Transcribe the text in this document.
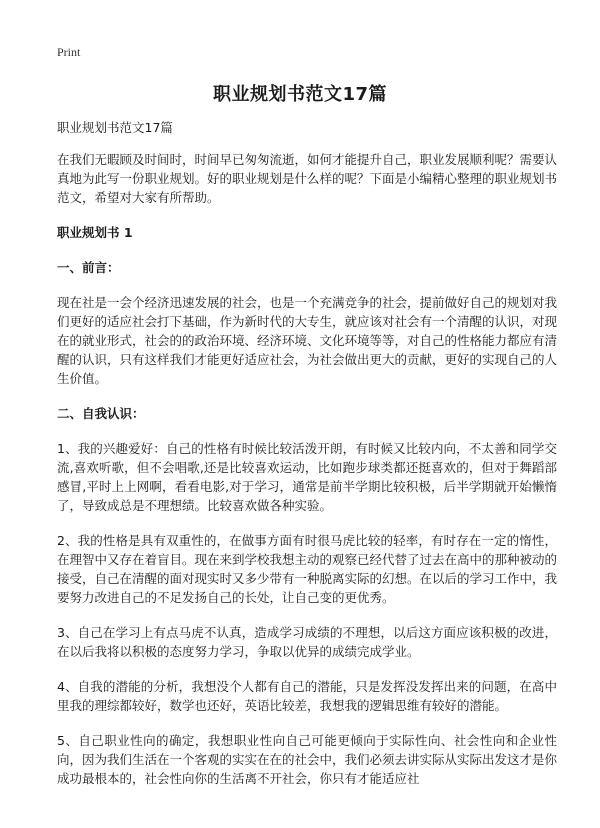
Print
职业规划书范文17篇

职业规划书范文17篇

在我们无暇顾及时间时，时间早已匆匆流逝，如何才能提升自己，职业发展顺利呢？需要认真地为此写一份职业规划。好的职业规划是什么样的呢？下面是小编精心整理的职业规划书范文，希望对大家有所帮助。

职业规划书 1

一、前言：

现在社是一会个经济迅速发展的社会，也是一个充满竞争的社会，提前做好自己的规划对我们更好的适应社会打下基础，作为新时代的大专生，就应该对社会有一个清醒的认识，对现在的就业形式，社会的的政治环境、经济环境、文化环境等等，对自己的性格能力都应有清醒的认识，只有这样我们才能更好适应社会，为社会做出更大的贡献，更好的实现自己的人生价值。

二、自我认识：

1、我的兴趣爱好：自己的性格有时候比较活泼开朗，有时候又比较内向，不太善和同学交流,喜欢听歌，但不会唱歌,还是比较喜欢运动，比如跑步球类都还挺喜欢的，但对于舞蹈部感冒,平时上上网啊，看看电影,对于学习，通常是前半学期比较积极，后半学期就开始懒惰了，导致成总是不理想绩。比较喜欢做各种实验。

2、我的性格是具有双重性的，在做事方面有时很马虎比较的轻率，有时存在一定的惰性，在理智中又存在着盲目。现在来到学校我想主动的观察已经代替了过去在高中的那种被动的接受，自己在清醒的面对现实时又多少带有一种脱离实际的幻想。在以后的学习工作中，我要努力改进自己的不足发扬自己的长处，让自己变的更优秀。

3、自己在学习上有点马虎不认真，造成学习成绩的不理想，以后这方面应该积极的改进，在以后我将以积极的态度努力学习，争取以优异的成绩完成学业。

4、自我的潜能的分析，我想没个人都有自己的潜能，只是发挥没发挥出来的问题，在高中里我的理综都较好，数学也还好，英语比较差，我想我的逻辑思维有较好的潜能。

5、自己职业性向的确定，我想职业性向自己可能更倾向于实际性向、社会性向和企业性向，因为我们生活在一个客观的实实在在的社会中，我们必须去讲实际从实际出发这才是你成功最根本的，社会性向你的生活离不开社会，你只有才能适应社
